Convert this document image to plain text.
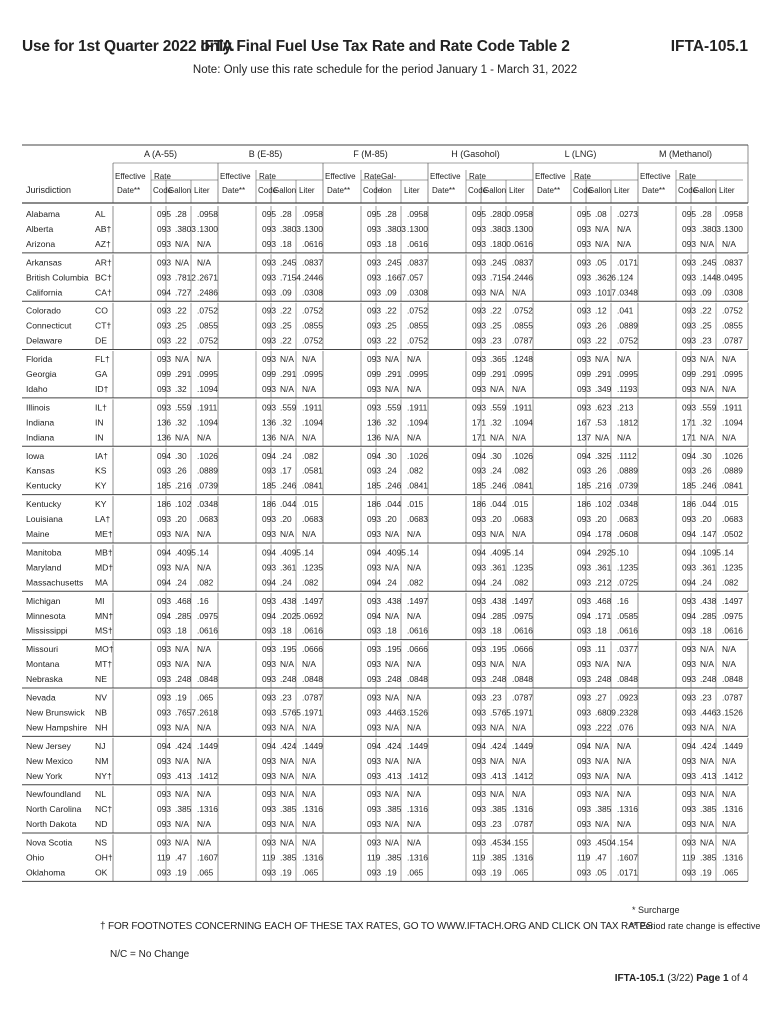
Use for 1st Quarter 2022 only.
IFTA Final Fuel Use Tax Rate and Rate Code Table 2	IFTA-105.1
Note: Only use this rate schedule for the period January 1 - March 31, 2022
A (A-55)	B (E-85)	F (M-85)	H (Gasohol)	L (LNG)	M (Methanol)
Jurisdiction
Effective
Date**
Rate
Code
Gallon Liter
Effective
Date**
Rate
Code
Gallon Liter
Effective
Date**
Rate
Code
Gal-
lon Liter
Effective
Date**
Rate
Code
Gallon Liter
Effective
Date**
Rate
Code
Gallon Liter
Effective
Date**
Rate
Code
Gallon Liter
Alabama	AL	095 .28 .0958	095 .28 .0958	095 .28 .0958	095 .2800 .0958	095 .08 .0273	095 .28 .0958
Alberta	AB†	093 .3803 .1300	093 .3803 .1300	093 .3803 .1300	093 .3803 .1300	093 N/A N/A	093 .3803 .1300
Arizona	AZ†	093 N/A N/A	093 .18 .0616	093 .18 .0616	093 .1800 .0616	093 N/A N/A	093 N/A N/A
Arkansas	AR†	093 N/A N/A	093 .245 .0837	093 .245 .0837	093 .245 .0837	093 .05 .0171	093 .245 .0837
British Columbia BC†	093 .7812 .2671	093 .7154 .2446	093 .1667 .057	093 .7154 .2446	093 .3626 .124	093 .1448 .0495
California	CA†	094 .727 .2486	093 .09 .0308	093 .09 .0308	093 N/A N/A	093 .1017 .0348	093 .09 .0308
Colorado	CO	093 .22 .0752	093 .22 .0752	093 .22 .0752	093 .22 .0752	093 .12 .041	093 .22 .0752
Connecticut	CT†	093 .25 .0855	093 .25 .0855	093 .25 .0855	093 .25 .0855	093 .26 .0889	093 .25 .0855
Delaware	DE	093 .22 .0752	093 .22 .0752	093 .22 .0752	093 .23 .0787	093 .22 .0752	093 .23 .0787
Florida	FL†	093 N/A N/A	093 N/A N/A	093 N/A N/A	093 .365 .1248	093 N/A N/A	093 N/A N/A
Georgia	GA	099 .291 .0995	099 .291 .0995	099 .291 .0995	099 .291 .0995	099 .291 .0995	099 .291 .0995
Idaho	ID†	093 .32 .1094	093 N/A N/A	093 N/A N/A	093 N/A N/A	093 .349 .1193	093 N/A N/A
Illinois	IL†	093 .559 .1911	093 .559 .1911	093 .559 .1911	093 .559 .1911	093 .623 .213	093 .559 .1911
Indiana	IN	136 .32 .1094	136 .32 .1094	136 .32 .1094	171 .32 .1094	167 .53 .1812	171 .32 .1094
Indiana	IN	136 N/A N/A	136 N/A N/A	136 N/A N/A	171 N/A N/A	137 N/A N/A	171 N/A N/A
Iowa	IA†	094 .30 .1026	094 .24 .082	094 .30 .1026	094 .30 .1026	094 .325 .1112	094 .30 .1026
Kansas	KS	093 .26 .0889	093 .17 .0581	093 .24 .082	093 .24 .082	093 .26 .0889	093 .26 .0889
Kentucky	KY	185 .216 .0739	185 .246 .0841	185 .246 .0841	185 .246 .0841	185 .216 .0739	185 .246 .0841
Kentucky	KY	186 .102 .0348	186 .044 .015	186 .044 .015	186 .044 .015	186 .102 .0348	186 .044 .015
Louisiana	LA†	093 .20 .0683	093 .20 .0683	093 .20 .0683	093 .20 .0683	093 .20 .0683	093 .20 .0683
Maine	ME†	093 N/A N/A	093 N/A N/A	093 N/A N/A	093 N/A N/A	094 .178 .0608	094 .147 .0502
Manitoba	MB†	094 .4095 .14	094 .4095 .14	094 .4095 .14	094 .4095 .14	094 .2925 .10	094 .1095 .14
Maryland	MD†	093 N/A N/A	093 .361 .1235	093 N/A N/A	093 .361 .1235	093 .361 .1235	093 .361 .1235
Massachusetts MA	094 .24 .082	094 .24 .082	094 .24 .082	094 .24 .082	093 .212 .0725	094 .24 .082
Michigan	MI	093 .468 .16	093 .438 .1497	093 .438 .1497	093 .438 .1497	093 .468 .16	093 .438 .1497
Minnesota	MN†	094 .285 .0975	094 .2025 .0692	094 N/A N/A	094 .285 .0975	094 .171 .0585	094 .285 .0975
Mississippi	MS†	093 .18 .0616	093 .18 .0616	093 .18 .0616	093 .18 .0616	093 .18 .0616	093 .18 .0616
Missouri	MO†	093 N/A N/A	093 .195 .0666	093 .195 .0666	093 .195 .0666	093 .11 .0377	093 N/A N/A
Montana	MT†	093 N/A N/A	093 N/A N/A	093 N/A N/A	093 N/A N/A	093 N/A N/A	093 N/A N/A
Nebraska	NE	093 .248 .0848	093 .248 .0848	093 .248 .0848	093 .248 .0848	093 .248 .0848	093 .248 .0848
Nevada	NV	093 .19 .065	093 .23 .0787	093 N/A N/A	093 .23 .0787	093 .27 .0923	093 .23 .0787
New Brunswick NB	093 .7657 .2618	093 .5765 .1971	093 .4463 .1526	093 .5765 .1971	093 .6809 .2328	093 .4463 .1526
New Hampshire NH	093 N/A N/A	093 N/A N/A	093 N/A N/A	093 N/A N/A	093 .222 .076	093 N/A N/A
New Jersey	NJ	094 .424 .1449	094 .424 .1449	094 .424 .1449	094 .424 .1449	094 N/A N/A	094 .424 .1449
New Mexico	NM	093 N/A N/A	093 N/A N/A	093 N/A N/A	093 N/A N/A	093 N/A N/A	093 N/A N/A
New York	NY†	093 .413 .1412	093 N/A N/A	093 .413 .1412	093 .413 .1412	093 N/A N/A	093 .413 .1412
Newfoundland NL	093 N/A N/A	093 N/A N/A	093 N/A N/A	093 N/A N/A	093 N/A N/A	093 N/A N/A
North Carolina NC†	093 .385 .1316	093 .385 .1316	093 .385 .1316	093 .385 .1316	093 .385 .1316	093 .385 .1316
North Dakota ND	093 N/A N/A	093 N/A N/A	093 N/A N/A	093 .23 .0787	093 N/A N/A	093 N/A N/A
Nova Scotia	NS	093 N/A N/A	093 N/A N/A	093 N/A N/A	093 .4534 .155	093 .4504 .154	093 N/A N/A
Ohio	OH†	119 .47 .1607	119 .385 .1316	119 .385 .1316	119 .385 .1316	119 .47 .1607	119 .385 .1316
Oklahoma	OK	093 .19 .065	093 .19 .065	093 .19 .065	093 .19 .065	093 .05 .0171	093 .19 .065
† FOR FOOTNOTES CONCERNING EACH OF THESE TAX RATES, GO TO WWW.IFTACH.ORG AND CLICK ON TAX RATES.
N/C = No Change
* Surcharge
** Period rate change is effective
IFTA-105.1 (3/22) Page 1 of 4
